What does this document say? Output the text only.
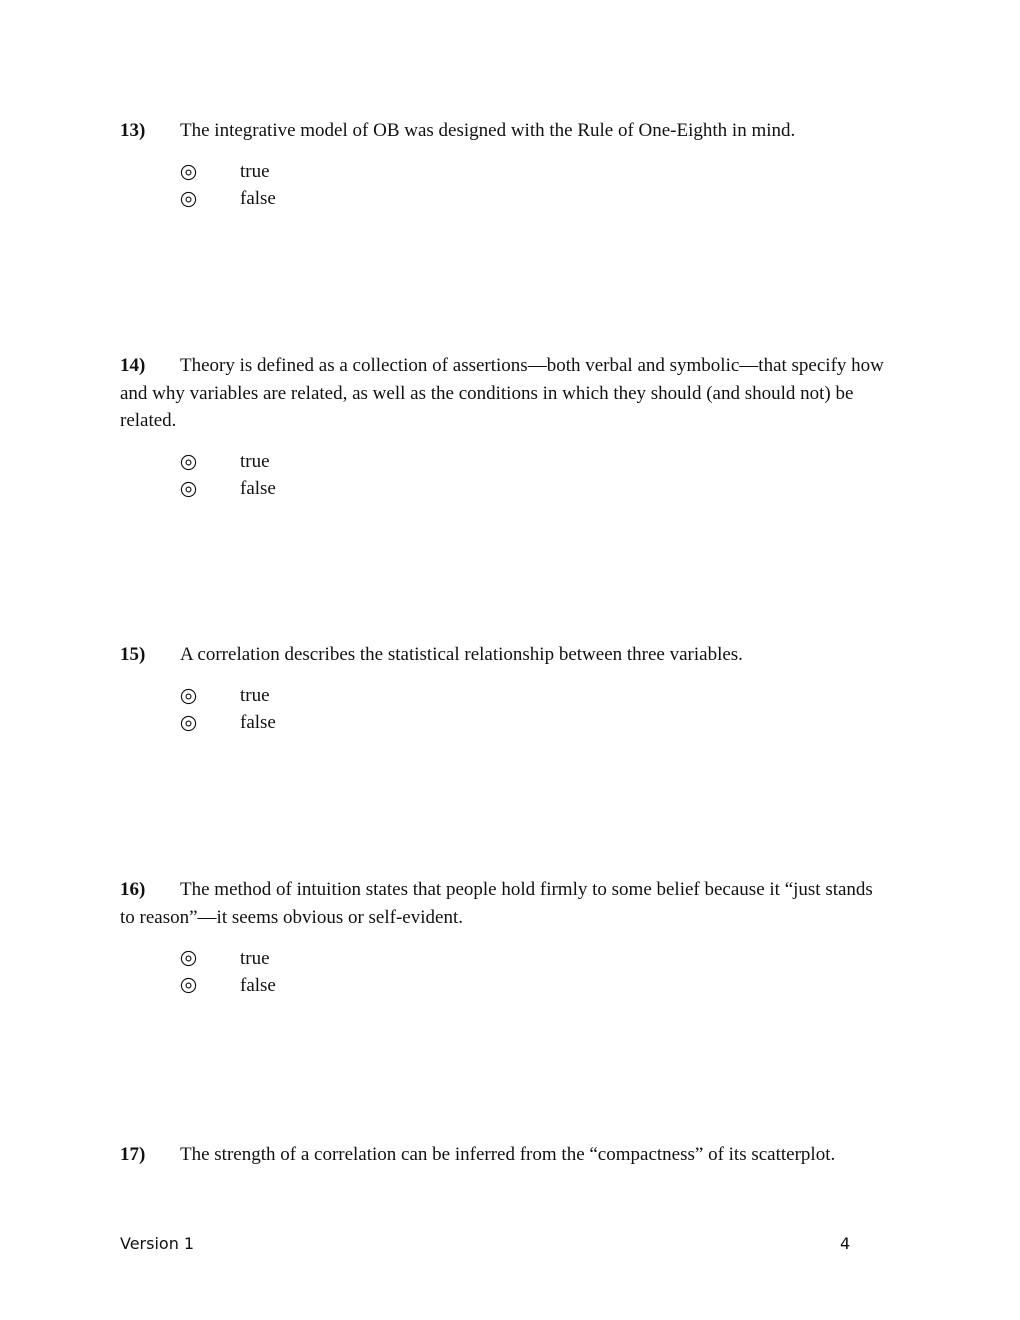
13) The integrative model of OB was designed with the Rule of One-Eighth in mind.

true
false

14) Theory is defined as a collection of assertions—both verbal and symbolic—that specify how and why variables are related, as well as the conditions in which they should (and should not) be related.

true
false

15) A correlation describes the statistical relationship between three variables.

true
false

16) The method of intuition states that people hold firmly to some belief because it “just stands to reason”—it seems obvious or self-evident.

true
false

17) The strength of a correlation can be inferred from the “compactness” of its scatterplot.

Version 1	4
